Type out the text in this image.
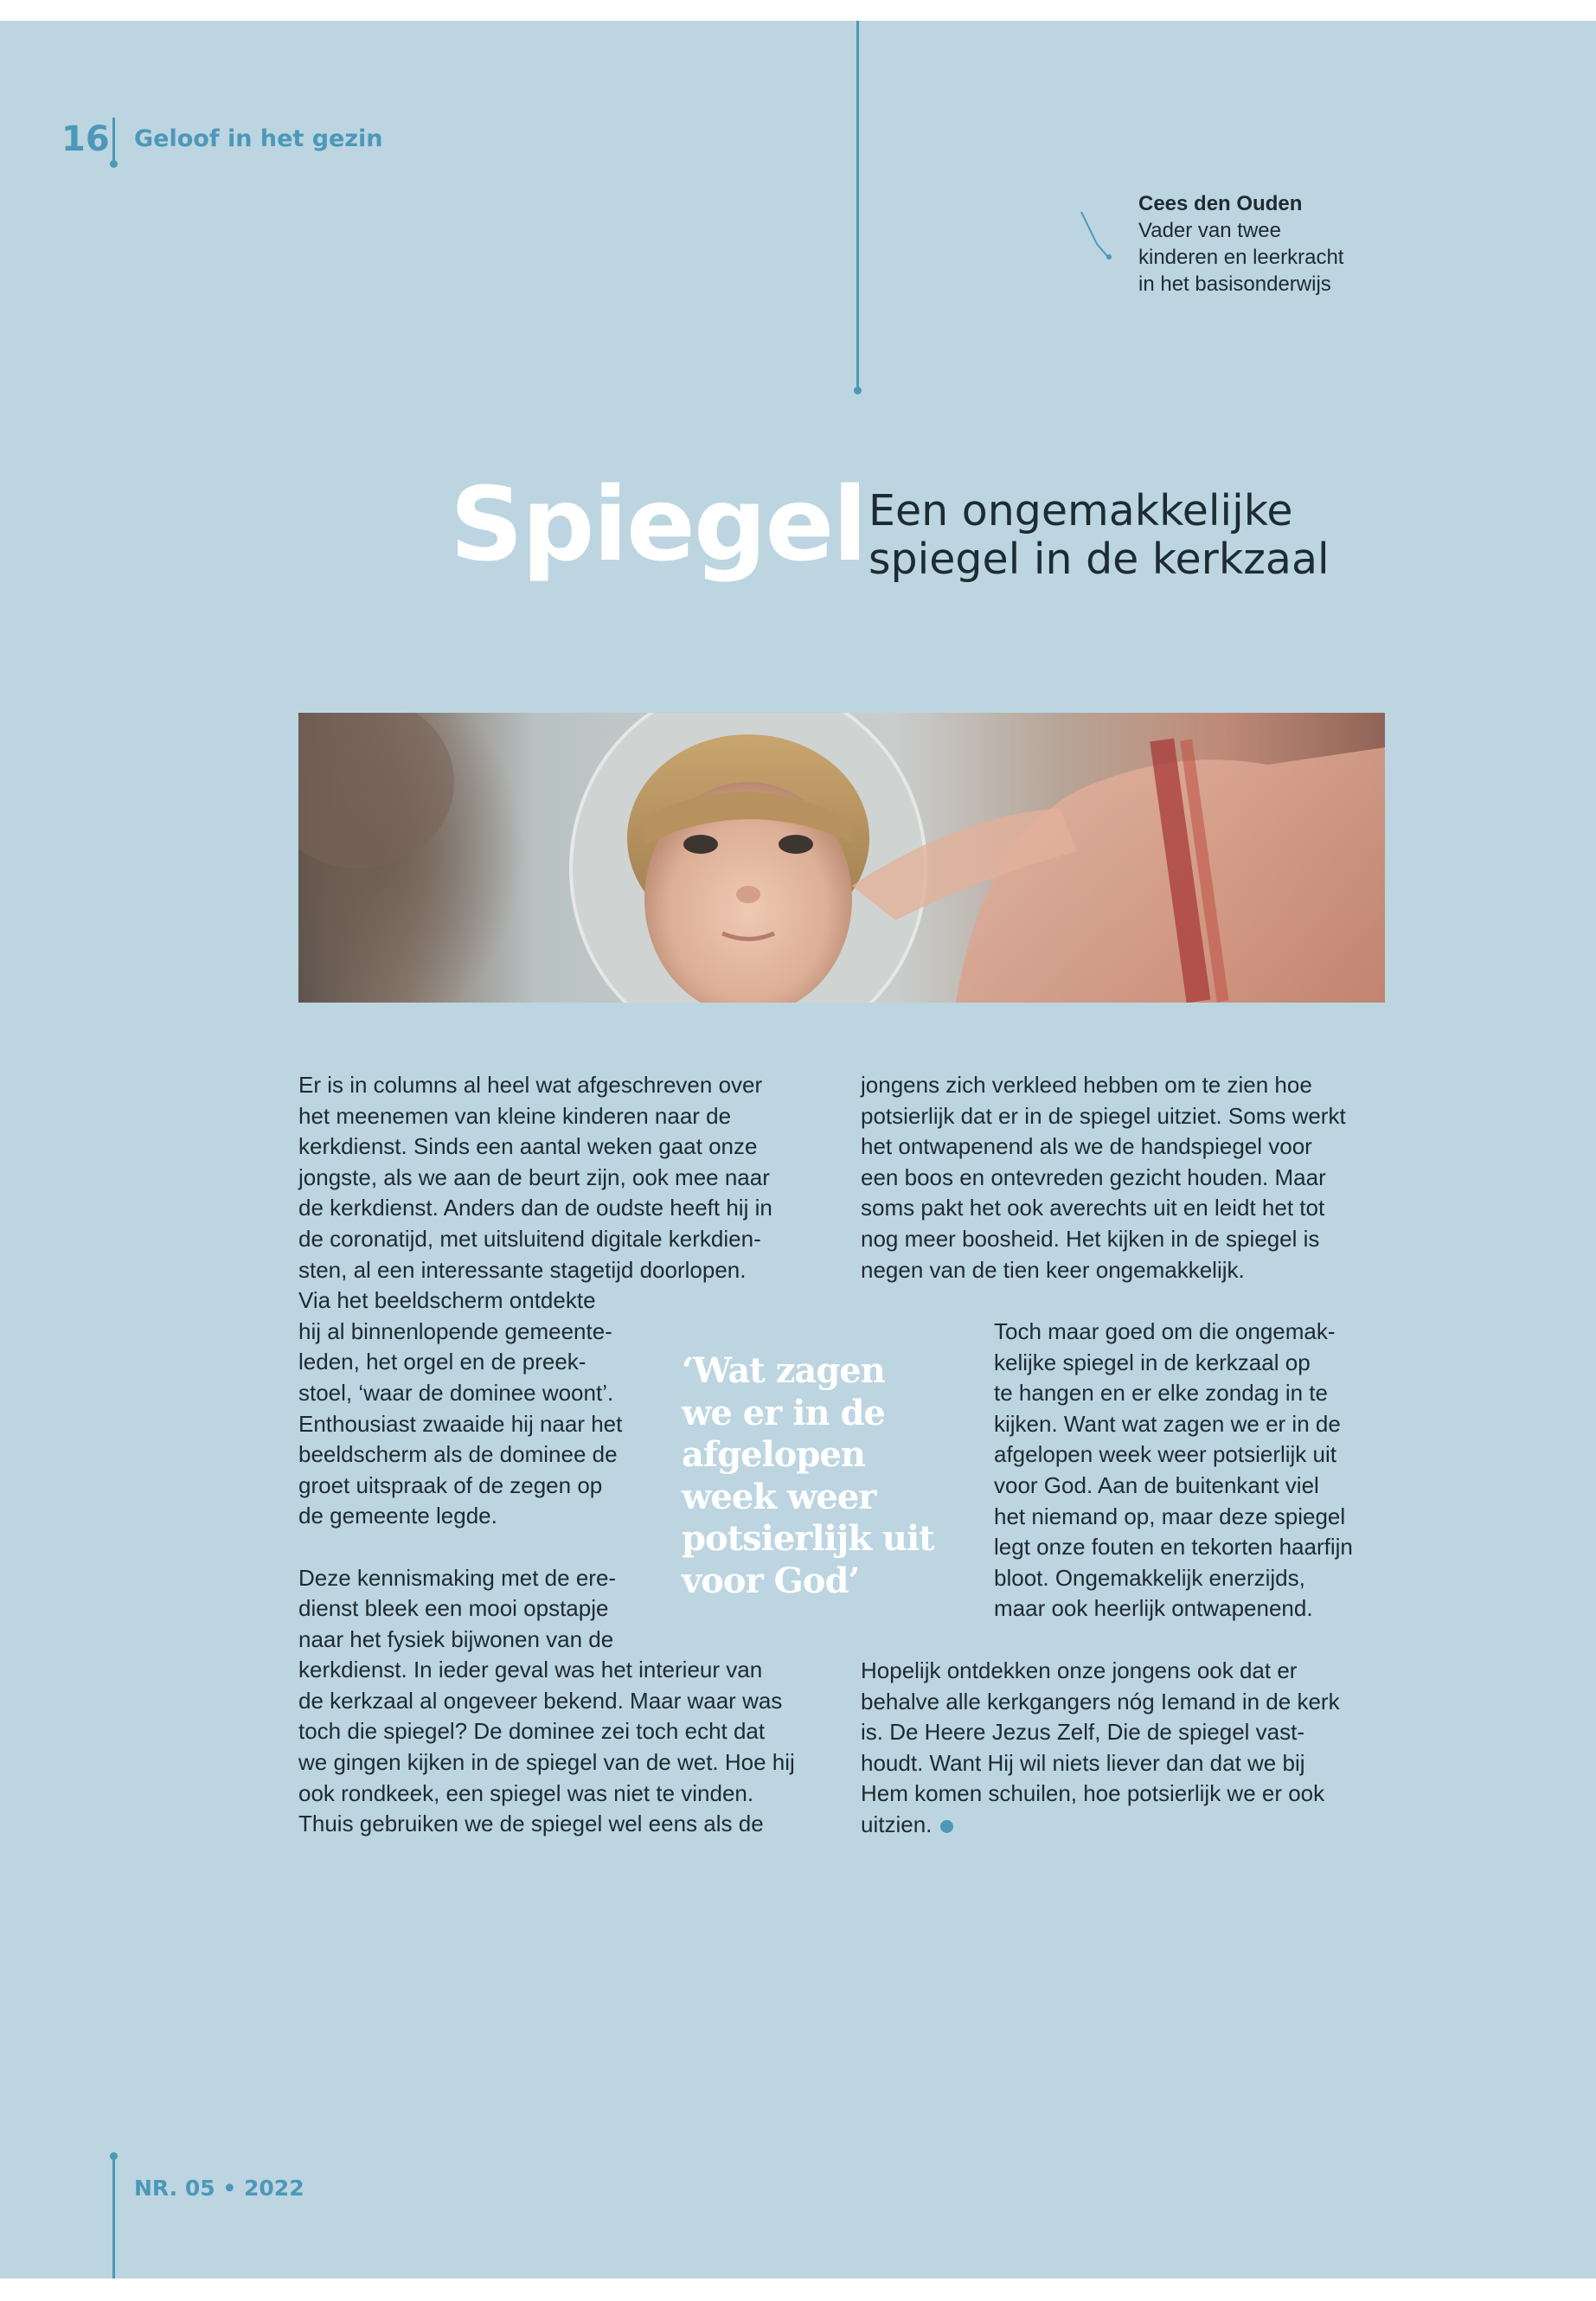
16 Geloof in het gezin
Cees den Ouden
Vader van twee
kinderen en leerkracht
in het basisonderwijs
Spiegel Een ongemakkelijke
spiegel in de kerkzaal
Er is in columns al heel wat afgeschreven over
het meenemen van kleine kinderen naar de
kerkdienst. Sinds een aantal weken gaat onze
jongste, als we aan de beurt zijn, ook mee naar
de kerkdienst. Anders dan de oudste heeft hij in
de coronatijd, met uitsluitend digitale kerkdien-
sten, al een interessante stagetijd doorlopen.
Via het beeldscherm ontdekte
hij al binnenlopende gemeente-
leden, het orgel en de preek-
stoel, ‘waar de dominee woont’.
Enthousiast zwaaide hij naar het
beeldscherm als de dominee de
groet uitspraak of de zegen op
de gemeente legde.
Deze kennismaking met de ere-
dienst bleek een mooi opstapje
naar het fysiek bijwonen van de
kerkdienst. In ieder geval was het interieur van
de kerkzaal al ongeveer bekend. Maar waar was
toch die spiegel? De dominee zei toch echt dat
we gingen kijken in de spiegel van de wet. Hoe hij
ook rondkeek, een spiegel was niet te vinden.
Thuis gebruiken we de spiegel wel eens als de
‘Wat zagen
we er in de
afgelopen
week weer
potsierlijk uit
voor God’
jongens zich verkleed hebben om te zien hoe
potsierlijk dat er in de spiegel uitziet. Soms werkt
het ontwapenend als we de handspiegel voor
een boos en ontevreden gezicht houden. Maar
soms pakt het ook averechts uit en leidt het tot
nog meer boosheid. Het kijken in de spiegel is
negen van de tien keer ongemakkelijk.
Toch maar goed om die ongemak-
kelijke spiegel in de kerkzaal op
te hangen en er elke zondag in te
kijken. Want wat zagen we er in de
afgelopen week weer potsierlijk uit
voor God. Aan de buitenkant viel
het niemand op, maar deze spiegel
legt onze fouten en tekorten haarfijn
bloot. Ongemakkelijk enerzijds,
maar ook heerlijk ontwapenend.
Hopelijk ontdekken onze jongens ook dat er
behalve alle kerkgangers nóg Iemand in de kerk
is. De Heere Jezus Zelf, Die de spiegel vast-
houdt. Want Hij wil niets liever dan dat we bij
Hem komen schuilen, hoe potsierlijk we er ook
uitzien.
NR. 05 • 2022
